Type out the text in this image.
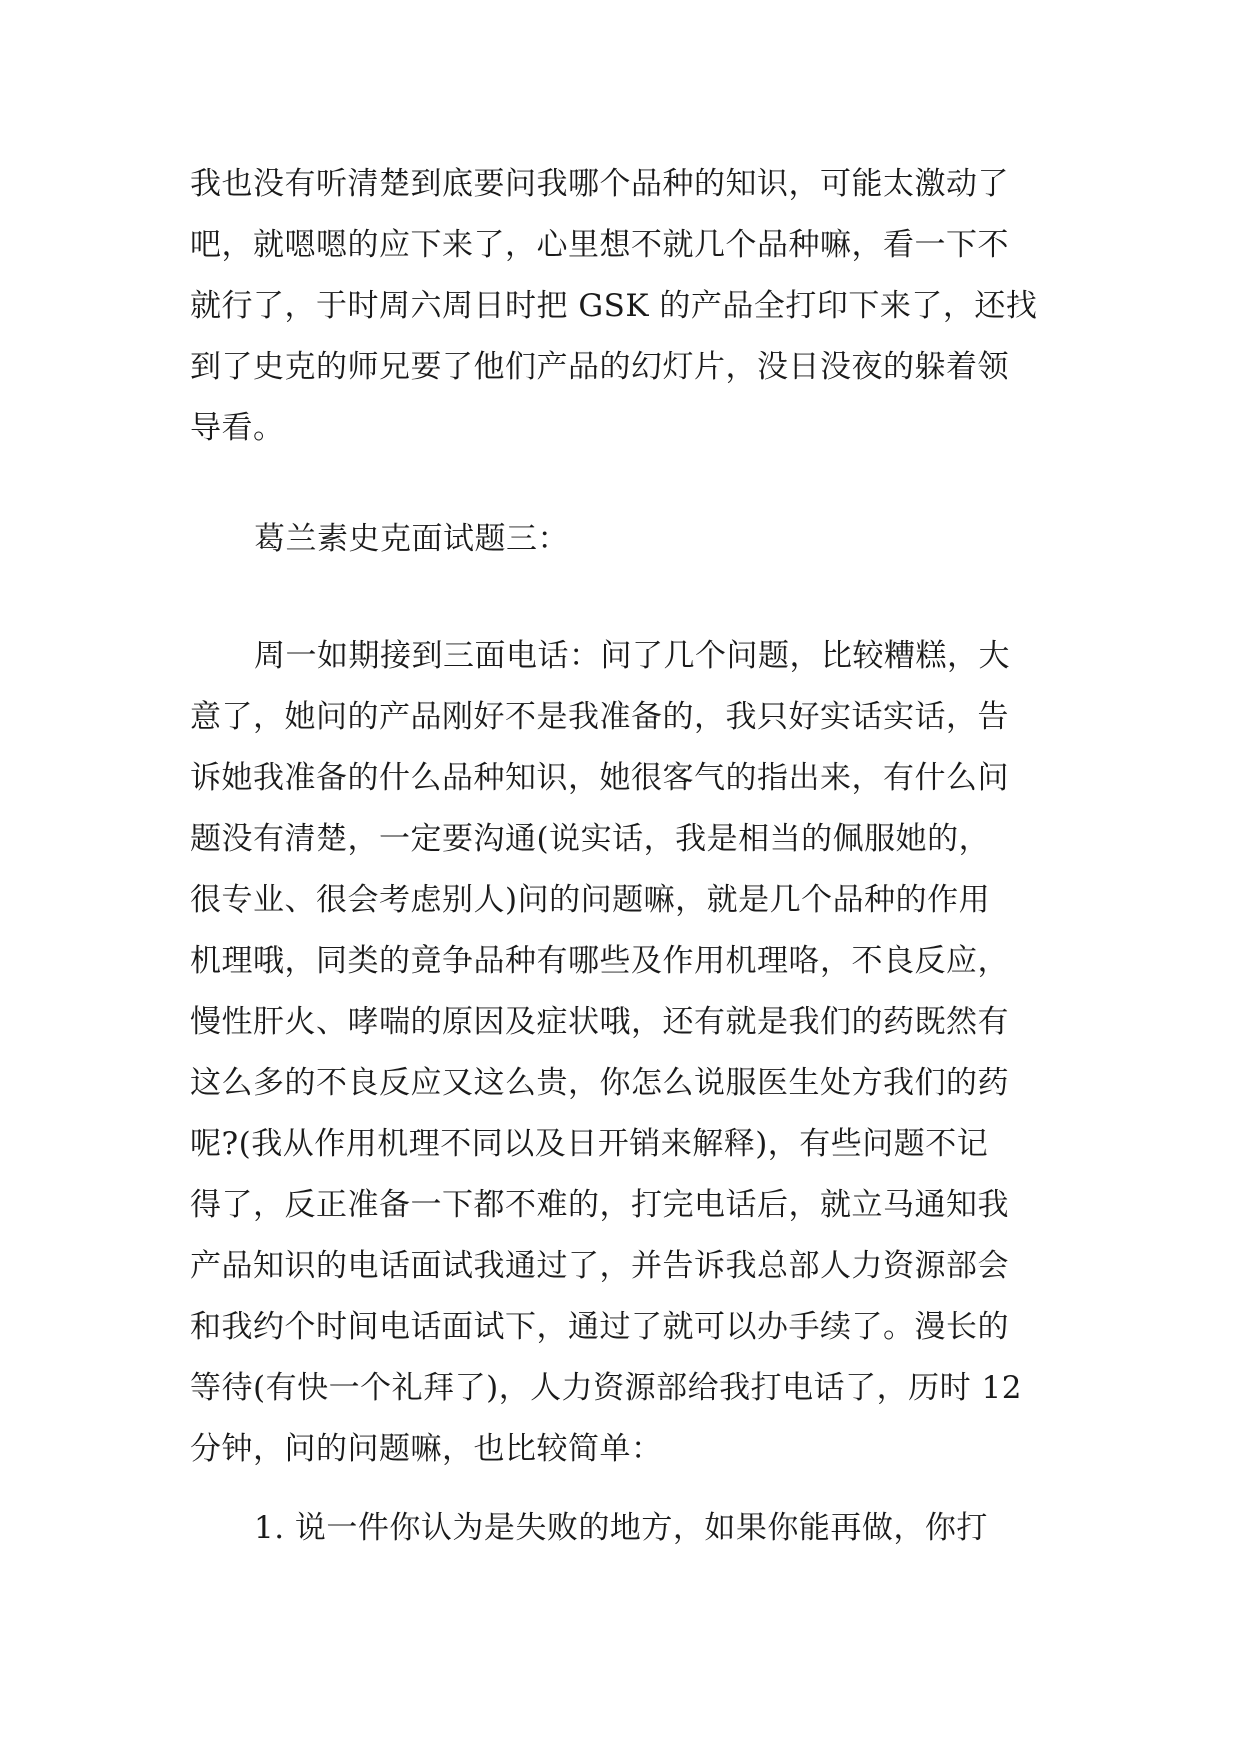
我也没有听清楚到底要问我哪个品种的知识，可能太激动了
吧，就嗯嗯的应下来了，心里想不就几个品种嘛，看一下不
就行了，于时周六周日时把 GSK 的产品全打印下来了，还找
到了史克的师兄要了他们产品的幻灯片，没日没夜的躲着领
导看。
葛兰素史克面试题三：
周一如期接到三面电话：问了几个问题，比较糟糕，大
意了，她问的产品刚好不是我准备的，我只好实话实话，告
诉她我准备的什么品种知识，她很客气的指出来，有什么问
题没有清楚，一定要沟通(说实话，我是相当的佩服她的，
很专业、很会考虑别人)问的问题嘛，就是几个品种的作用
机理哦，同类的竟争品种有哪些及作用机理咯，不良反应，
慢性肝火、哮喘的原因及症状哦，还有就是我们的药既然有
这么多的不良反应又这么贵，你怎么说服医生处方我们的药
呢?(我从作用机理不同以及日开销来解释)，有些问题不记
得了，反正准备一下都不难的，打完电话后，就立马通知我
产品知识的电话面试我通过了，并告诉我总部人力资源部会
和我约个时间电话面试下，通过了就可以办手续了。漫长的
等待(有快一个礼拜了)，人力资源部给我打电话了，历时 12
分钟，问的问题嘛，也比较简单：
1. 说一件你认为是失败的地方，如果你能再做，你打
